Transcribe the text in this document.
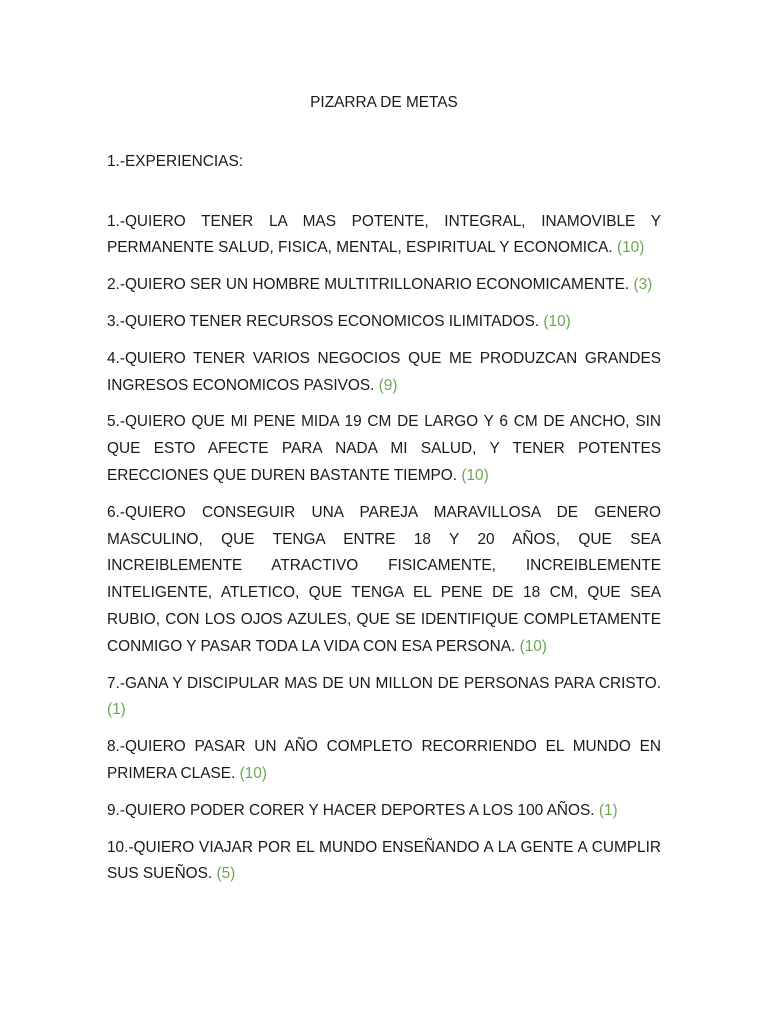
PIZARRA DE METAS
1.-EXPERIENCIAS:
1.-QUIERO TENER LA MAS POTENTE, INTEGRAL, INAMOVIBLE Y PERMANENTE SALUD, FISICA, MENTAL, ESPIRITUAL Y ECONOMICA. (10)
2.-QUIERO SER UN HOMBRE MULTITRILLONARIO ECONOMICAMENTE. (3)
3.-QUIERO TENER RECURSOS ECONOMICOS ILIMITADOS. (10)
4.-QUIERO TENER VARIOS NEGOCIOS QUE ME PRODUZCAN GRANDES INGRESOS ECONOMICOS PASIVOS. (9)
5.-QUIERO QUE MI PENE MIDA 19 CM DE LARGO Y 6 CM DE ANCHO, SIN QUE ESTO AFECTE PARA NADA MI SALUD, Y TENER POTENTES ERECCIONES QUE DUREN BASTANTE TIEMPO. (10)
6.-QUIERO CONSEGUIR UNA PAREJA MARAVILLOSA DE GENERO MASCULINO, QUE TENGA ENTRE 18 Y 20 AÑOS, QUE SEA INCREIBLEMENTE ATRACTIVO FISICAMENTE, INCREIBLEMENTE INTELIGENTE, ATLETICO, QUE TENGA EL PENE DE 18 CM, QUE SEA RUBIO, CON LOS OJOS AZULES, QUE SE IDENTIFIQUE COMPLETAMENTE CONMIGO Y PASAR TODA LA VIDA CON ESA PERSONA. (10)
7.-GANA Y DISCIPULAR MAS DE UN MILLON DE PERSONAS PARA CRISTO. (1)
8.-QUIERO PASAR UN AÑO COMPLETO RECORRIENDO EL MUNDO EN PRIMERA CLASE. (10)
9.-QUIERO PODER CORER Y HACER DEPORTES A LOS 100 AÑOS. (1)
10.-QUIERO VIAJAR POR EL MUNDO ENSEÑANDO A LA GENTE A CUMPLIR SUS SUEÑOS. (5)
